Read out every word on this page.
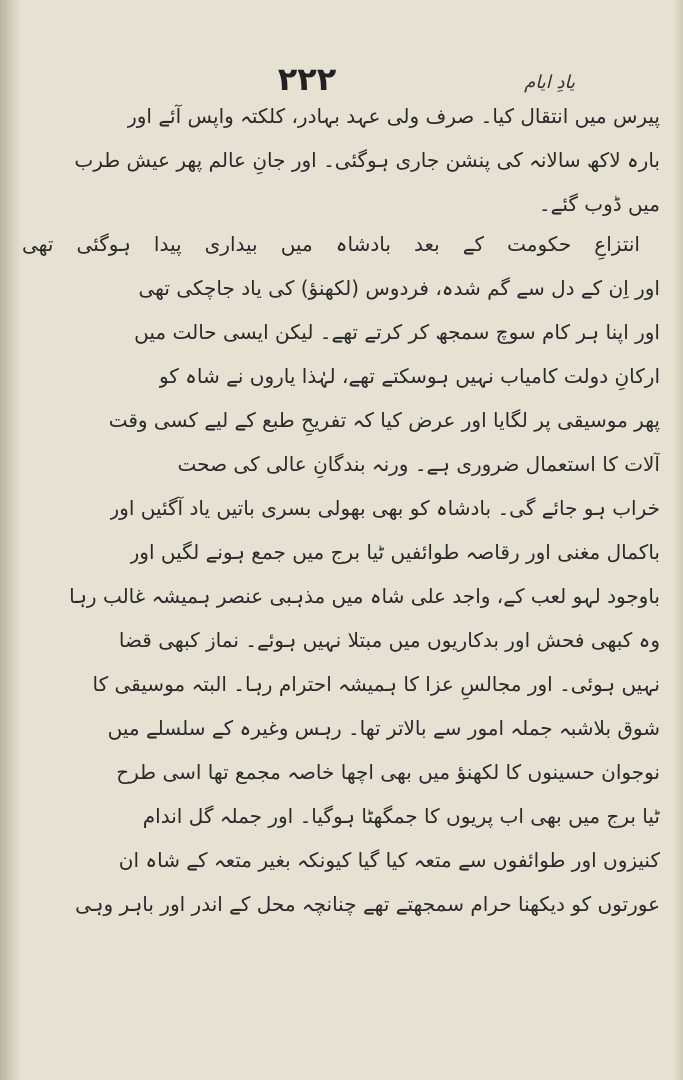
یادِ ایام
۲۲۲
پیرس میں انتقال کیا۔ صرف ولی عہد بہادر، کلکتہ واپس آئے اور
بارہ لاکھ سالانہ کی پنشن جاری ہوگئی۔ اور جانِ عالم پھر عیش طرب
میں ڈوب گئے۔
انتزاعِ حکومت کے بعد بادشاہ میں بیداری پیدا ہوگئی تھی
اور اِن کے دل سے گم شدہ، فردوس (لکھنؤ) کی یاد جاچکی تھی
اور اپنا ہر کام سوچ سمجھ کر کرتے تھے۔ لیکن ایسی حالت میں
ارکانِ دولت کامیاب نہیں ہوسکتے تھے، لہٰذا یاروں نے شاہ کو
پھر موسیقی پر لگایا اور عرض کیا کہ تفریحِ طبع کے لیے کسی وقت
آلات کا استعمال ضروری ہے۔ ورنہ بندگانِ عالی کی صحت
خراب ہو جائے گی۔ بادشاہ کو بھی بھولی بسری باتیں یاد آگئیں اور
باکمال مغنی اور رقاصہ طوائفیں ٹیا برج میں جمع ہونے لگیں اور
باوجود لہو لعب کے، واجد علی شاہ میں مذہبی عنصر ہمیشہ غالب رہا
وہ کبھی فحش اور بدکاریوں میں مبتلا نہیں ہوئے۔ نماز کبھی قضا
نہیں ہوئی۔ اور مجالسِ عزا کا ہمیشہ احترام رہا۔ البتہ موسیقی کا
شوق بلاشبہ جملہ امور سے بالاتر تھا۔ رہس وغیرہ کے سلسلے میں
نوجوان حسینوں کا لکھنؤ میں بھی اچھا خاصہ مجمع تھا اسی طرح
ٹیا برج میں بھی اب پریوں کا جمگھٹا ہوگیا۔ اور جملہ گل اندام
کنیزوں اور طوائفوں سے متعہ کیا گیا کیونکہ بغیر متعہ کے شاہ ان
عورتوں کو دیکھنا حرام سمجھتے تھے چنانچہ محل کے اندر اور باہر وہی
